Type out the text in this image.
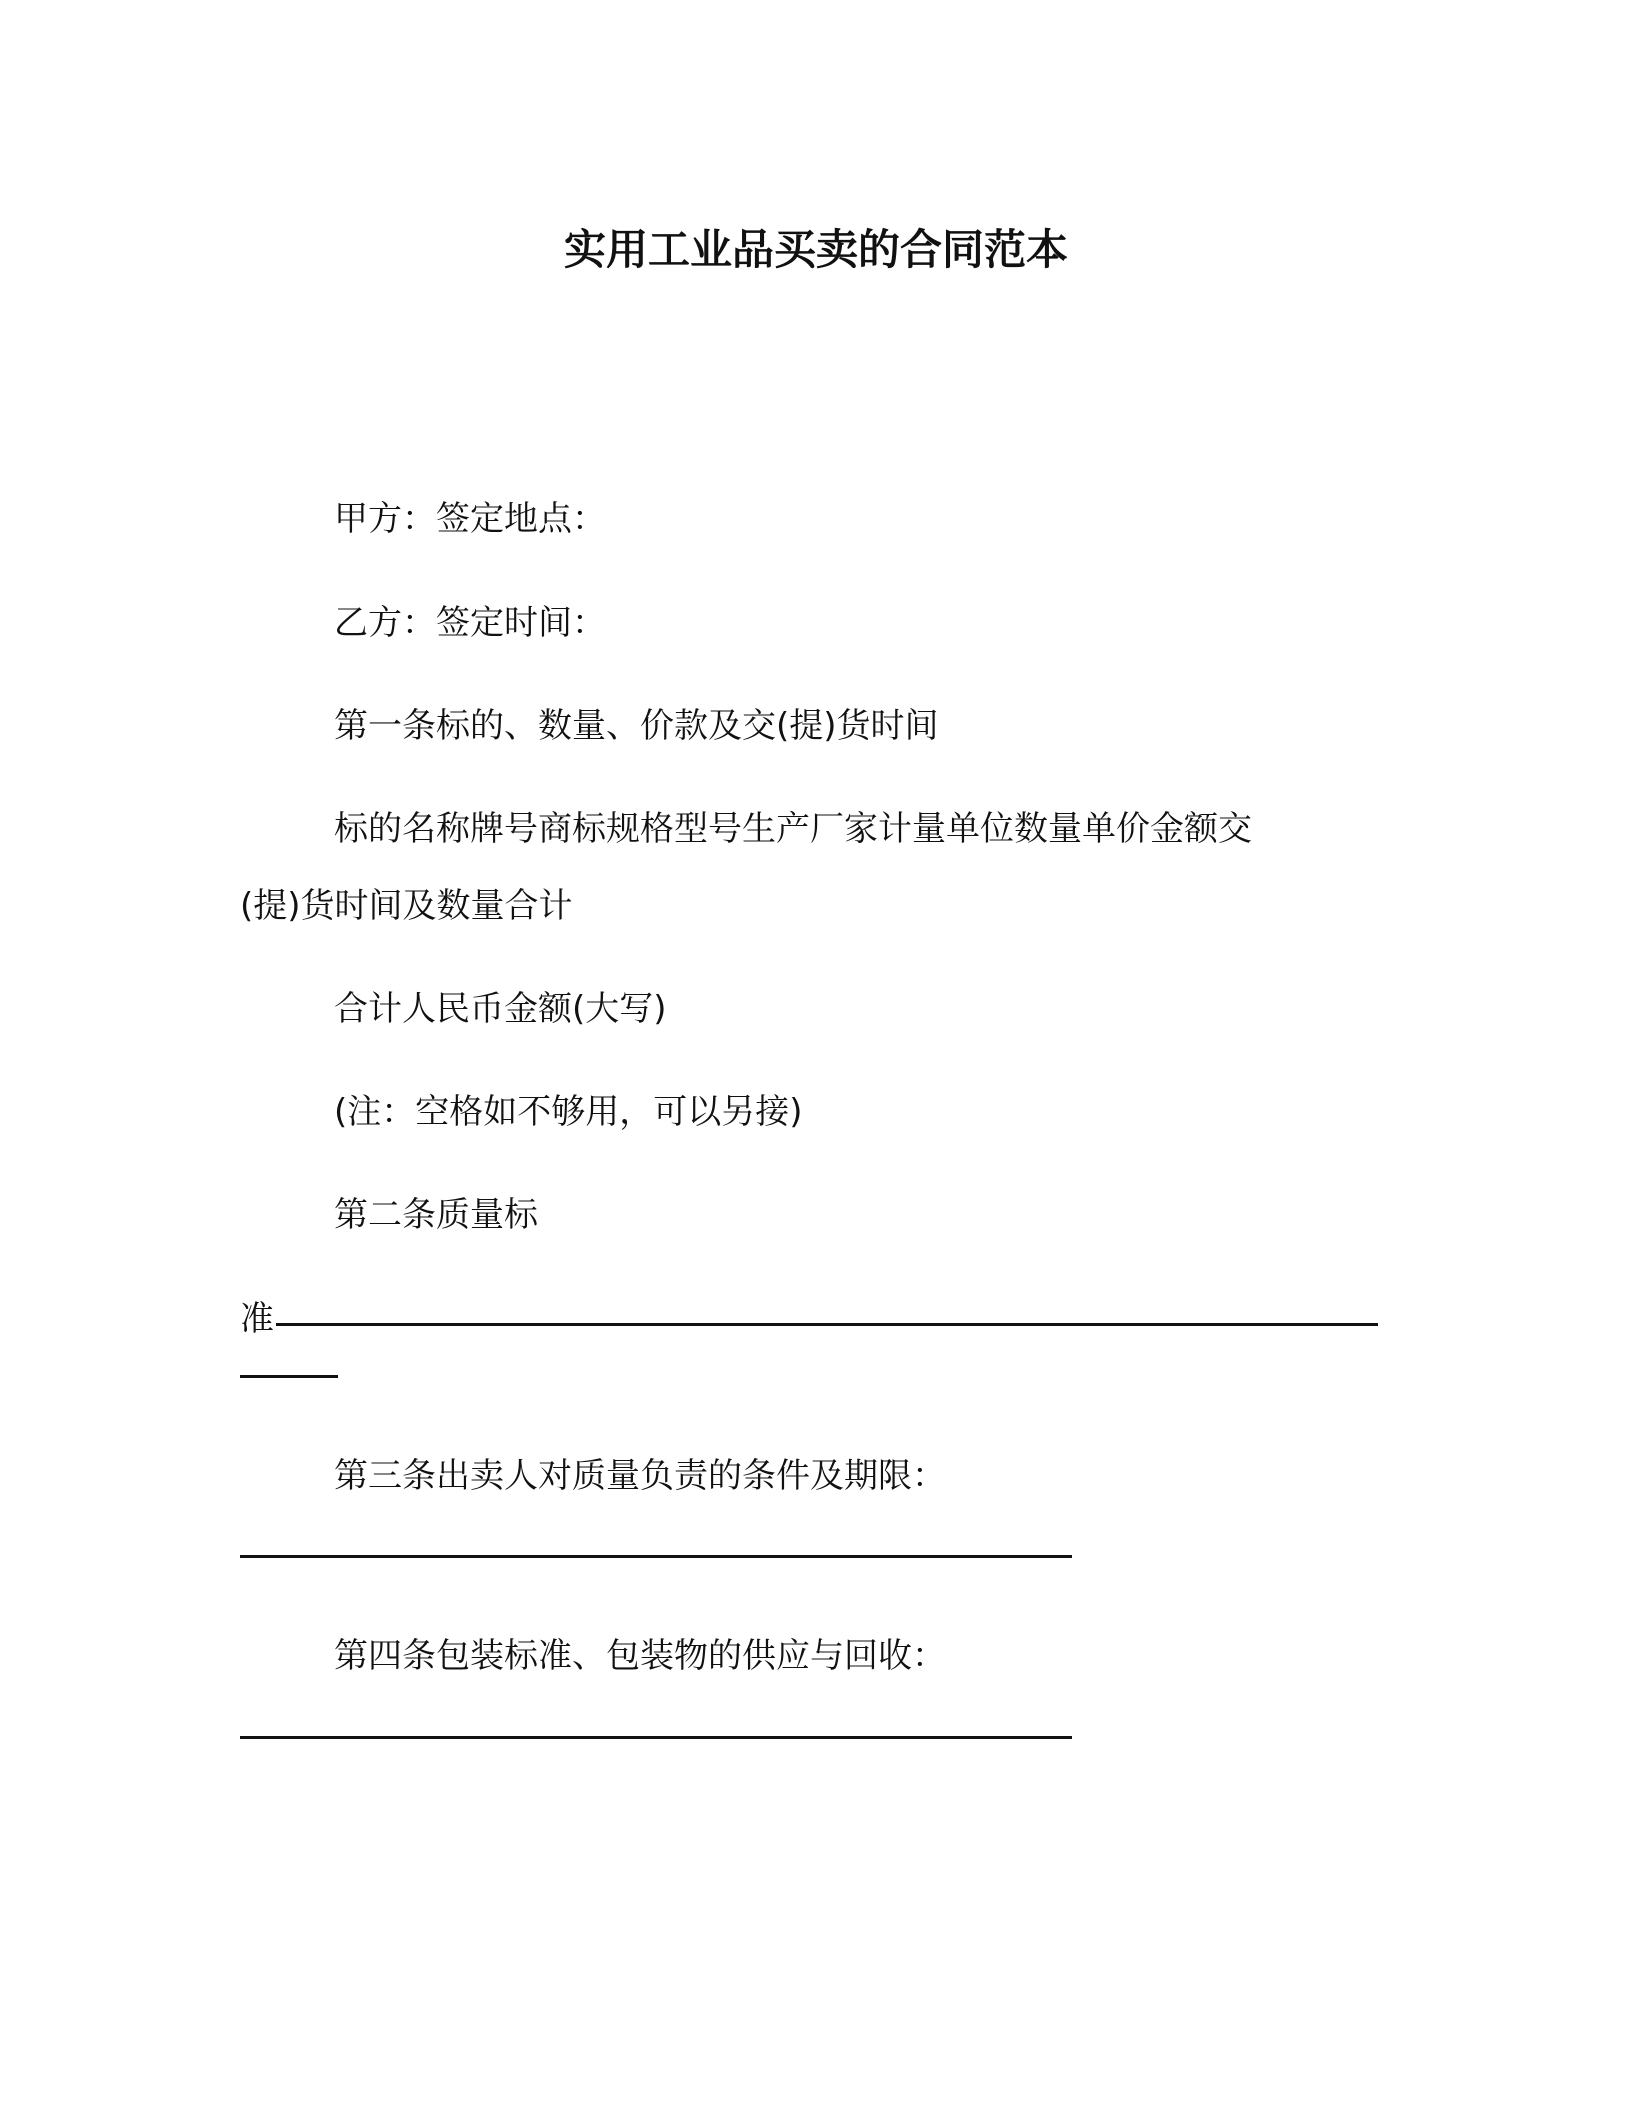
实用工业品买卖的合同范本
甲方：签定地点：
乙方：签定时间：
第一条标的、数量、价款及交(提)货时间
标的名称牌号商标规格型号生产厂家计量单位数量单价金额交
(提)货时间及数量合计
合计人民币金额(大写)
(注：空格如不够用，可以另接)
第二条质量标
准
第三条出卖人对质量负责的条件及期限：
第四条包装标准、包装物的供应与回收：
